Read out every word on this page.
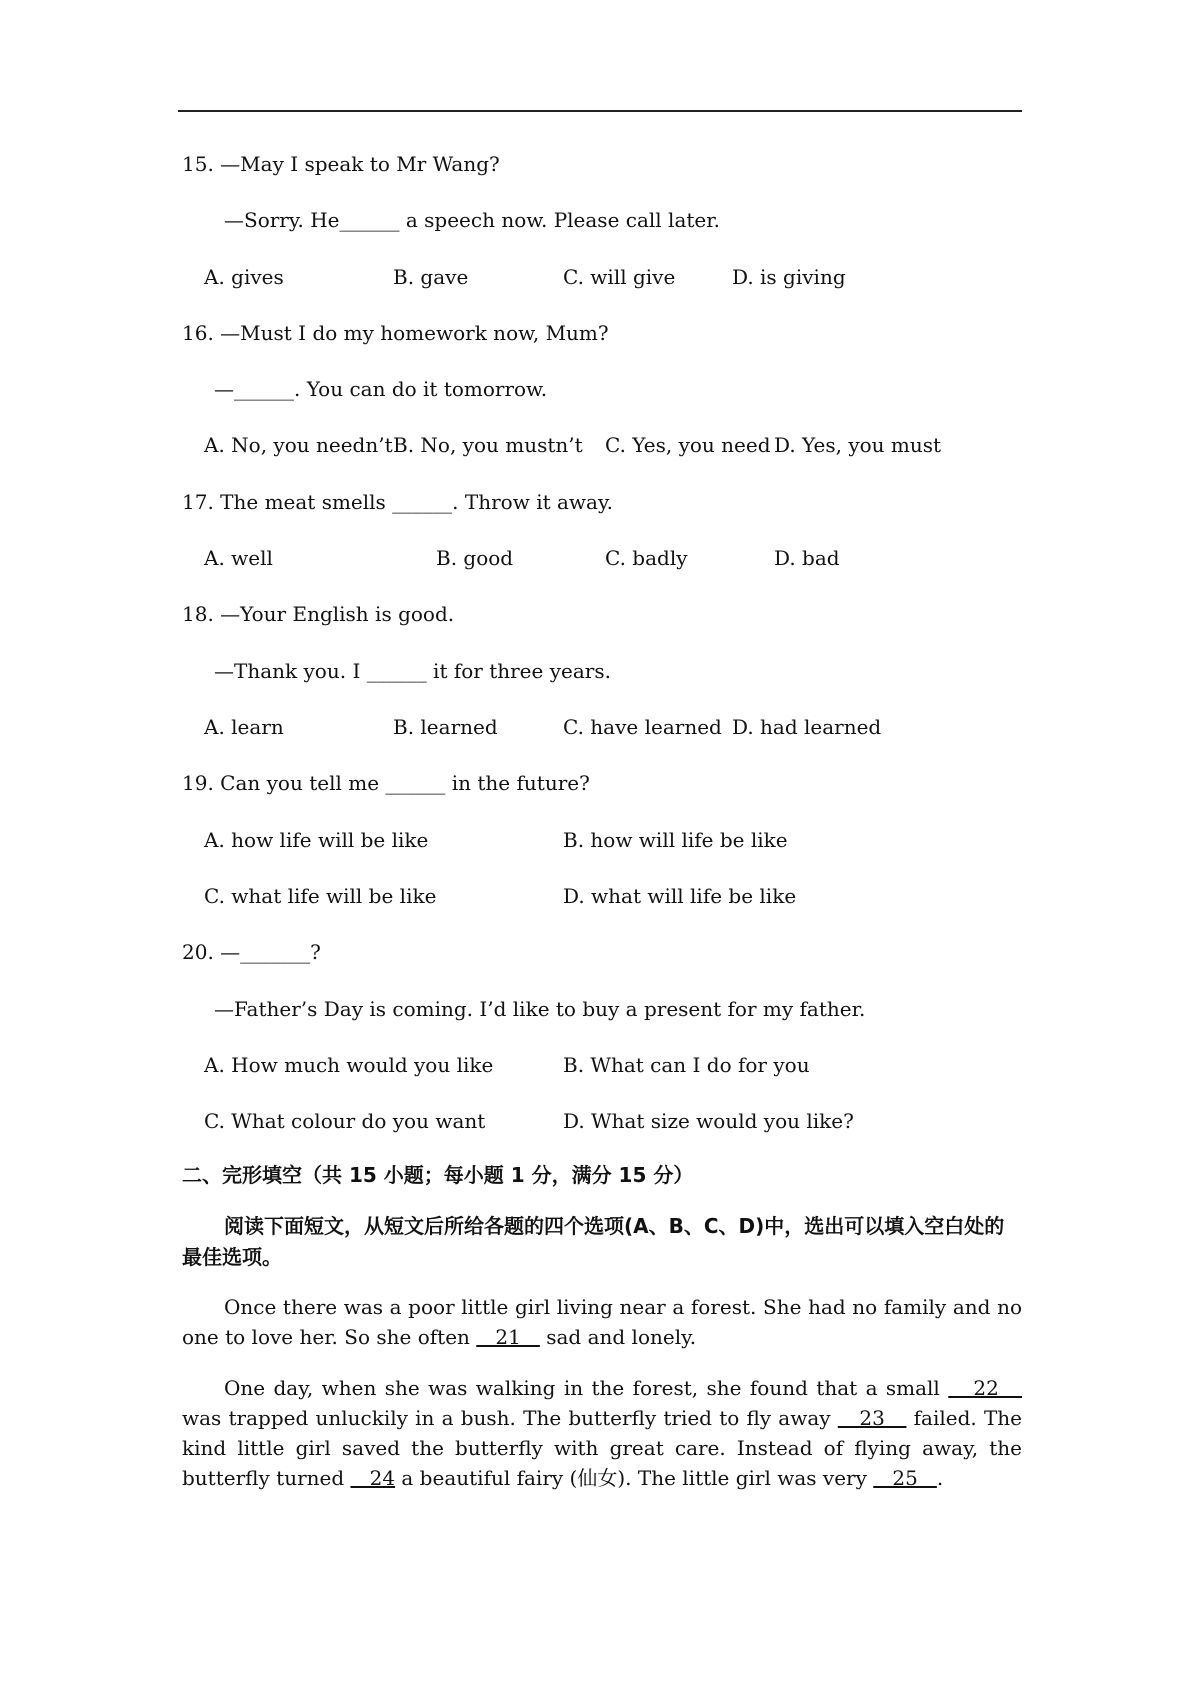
15. —May I speak to Mr Wang?
—Sorry. He______ a speech now. Please call later.
A. gives	B. gave	C. will give	D. is giving
16. —Must I do my homework now, Mum?
—______. You can do it tomorrow.
A. No, you needn’t B. No, you mustn’t C. Yes, you need D. Yes, you must
17. The meat smells ______. Throw it away.
A. well	B. good	C. badly	D. bad
18. —Your English is good.
—Thank you. I ______ it for three years.
A. learn	B. learned	C. have learned D. had learned
19. Can you tell me ______ in the future?
A. how life will be like	B. how will life be like
C. what life will be like	D. what will life be like
20. —_______?
—Father’s Day is coming. I’d like to buy a present for my father.
A. How much would you like	B. What can I do for you
C. What colour do you want	D. What size would you like?
二、完形填空（共 15 小题；每小题 1 分，满分 15 分）
阅读下面短文，从短文后所给各题的四个选项(A、B、C、D)中，选出可以填入空白处的最佳选项。
Once there was a poor little girl living near a forest. She had no family and no one to love her. So she often    21    sad and lonely.
One day, when she was walking in the forest, she found that a small    22    was trapped unluckily in a bush. The butterfly tried to fly away    23    failed. The kind little girl saved the butterfly with great care. Instead of flying away, the butterfly turned    24 a beautiful fairy (仙女). The little girl was very    25   .
